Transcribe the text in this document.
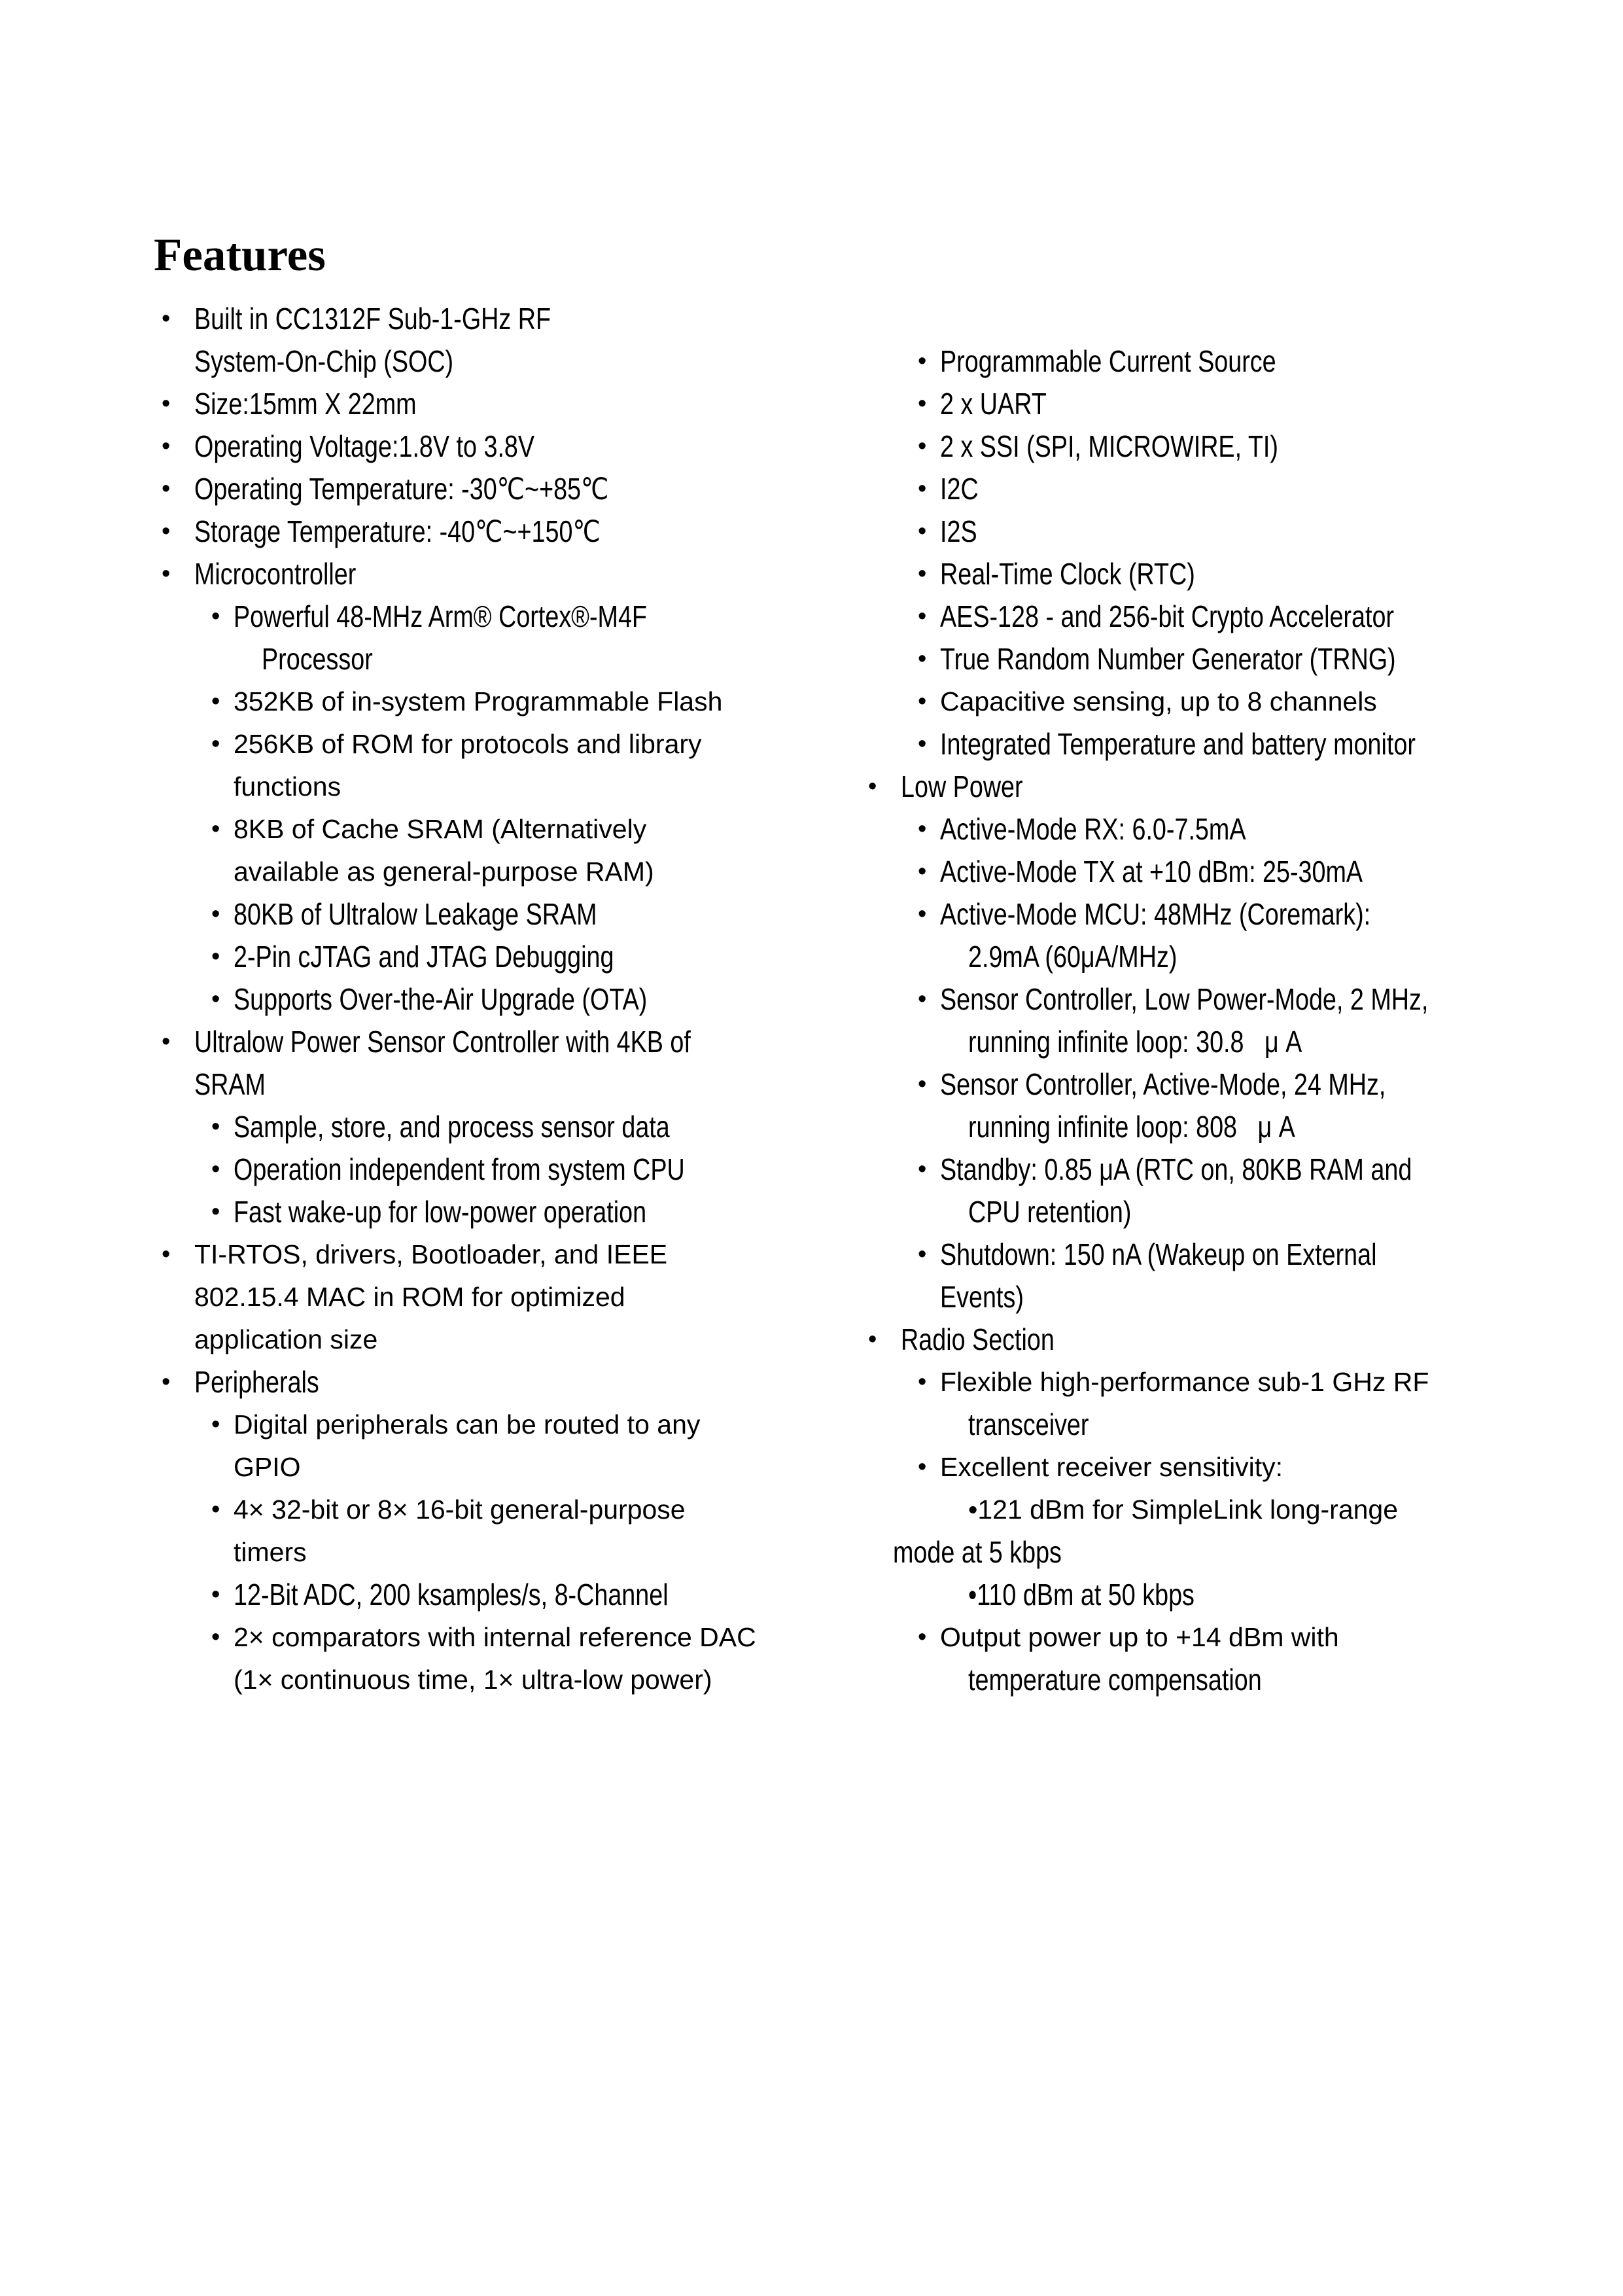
Features
• Built in CC1312F Sub-1-GHz RF
System-On-Chip (SOC)
• Size:15mm X 22mm
• Operating Voltage:1.8V to 3.8V
• Operating Temperature: -30℃~+85℃
• Storage Temperature: -40℃~+150℃
• Microcontroller
• Powerful 48-MHz Arm® Cortex®-M4F
Processor
• 352KB of in-system Programmable Flash
• 256KB of ROM for protocols and library
functions
• 8KB of Cache SRAM (Alternatively
available as general-purpose RAM)
• 80KB of Ultralow Leakage SRAM
• 2-Pin cJTAG and JTAG Debugging
• Supports Over-the-Air Upgrade (OTA)
• Ultralow Power Sensor Controller with 4KB of
SRAM
• Sample, store, and process sensor data
• Operation independent from system CPU
• Fast wake-up for low-power operation
• TI-RTOS, drivers, Bootloader, and IEEE
802.15.4 MAC in ROM for optimized
application size
• Peripherals
• Digital peripherals can be routed to any
GPIO
• 4× 32-bit or 8× 16-bit general-purpose
timers
• 12-Bit ADC, 200 ksamples/s, 8-Channel
• 2× comparators with internal reference DAC
(1× continuous time, 1× ultra-low power)
• Programmable Current Source
• 2 x UART
• 2 x SSI (SPI, MICROWIRE, TI)
• I2C
• I2S
• Real-Time Clock (RTC)
• AES-128 - and 256-bit Crypto Accelerator
• True Random Number Generator (TRNG)
• Capacitive sensing, up to 8 channels
• Integrated Temperature and battery monitor
• Low Power
• Active-Mode RX: 6.0-7.5mA
• Active-Mode TX at +10 dBm: 25-30mA
• Active-Mode MCU: 48MHz (Coremark):
2.9mA (60μA/MHz)
• Sensor Controller, Low Power-Mode, 2 MHz,
running infinite loop: 30.8   μ A
• Sensor Controller, Active-Mode, 24 MHz,
running infinite loop: 808   μ A
• Standby: 0.85 μA (RTC on, 80KB RAM and
CPU retention)
• Shutdown: 150 nA (Wakeup on External
Events)
• Radio Section
• Flexible high-performance sub-1 GHz RF
transceiver
• Excellent receiver sensitivity:
•121 dBm for SimpleLink long-range
mode at 5 kbps
•110 dBm at 50 kbps
• Output power up to +14 dBm with
temperature compensation
